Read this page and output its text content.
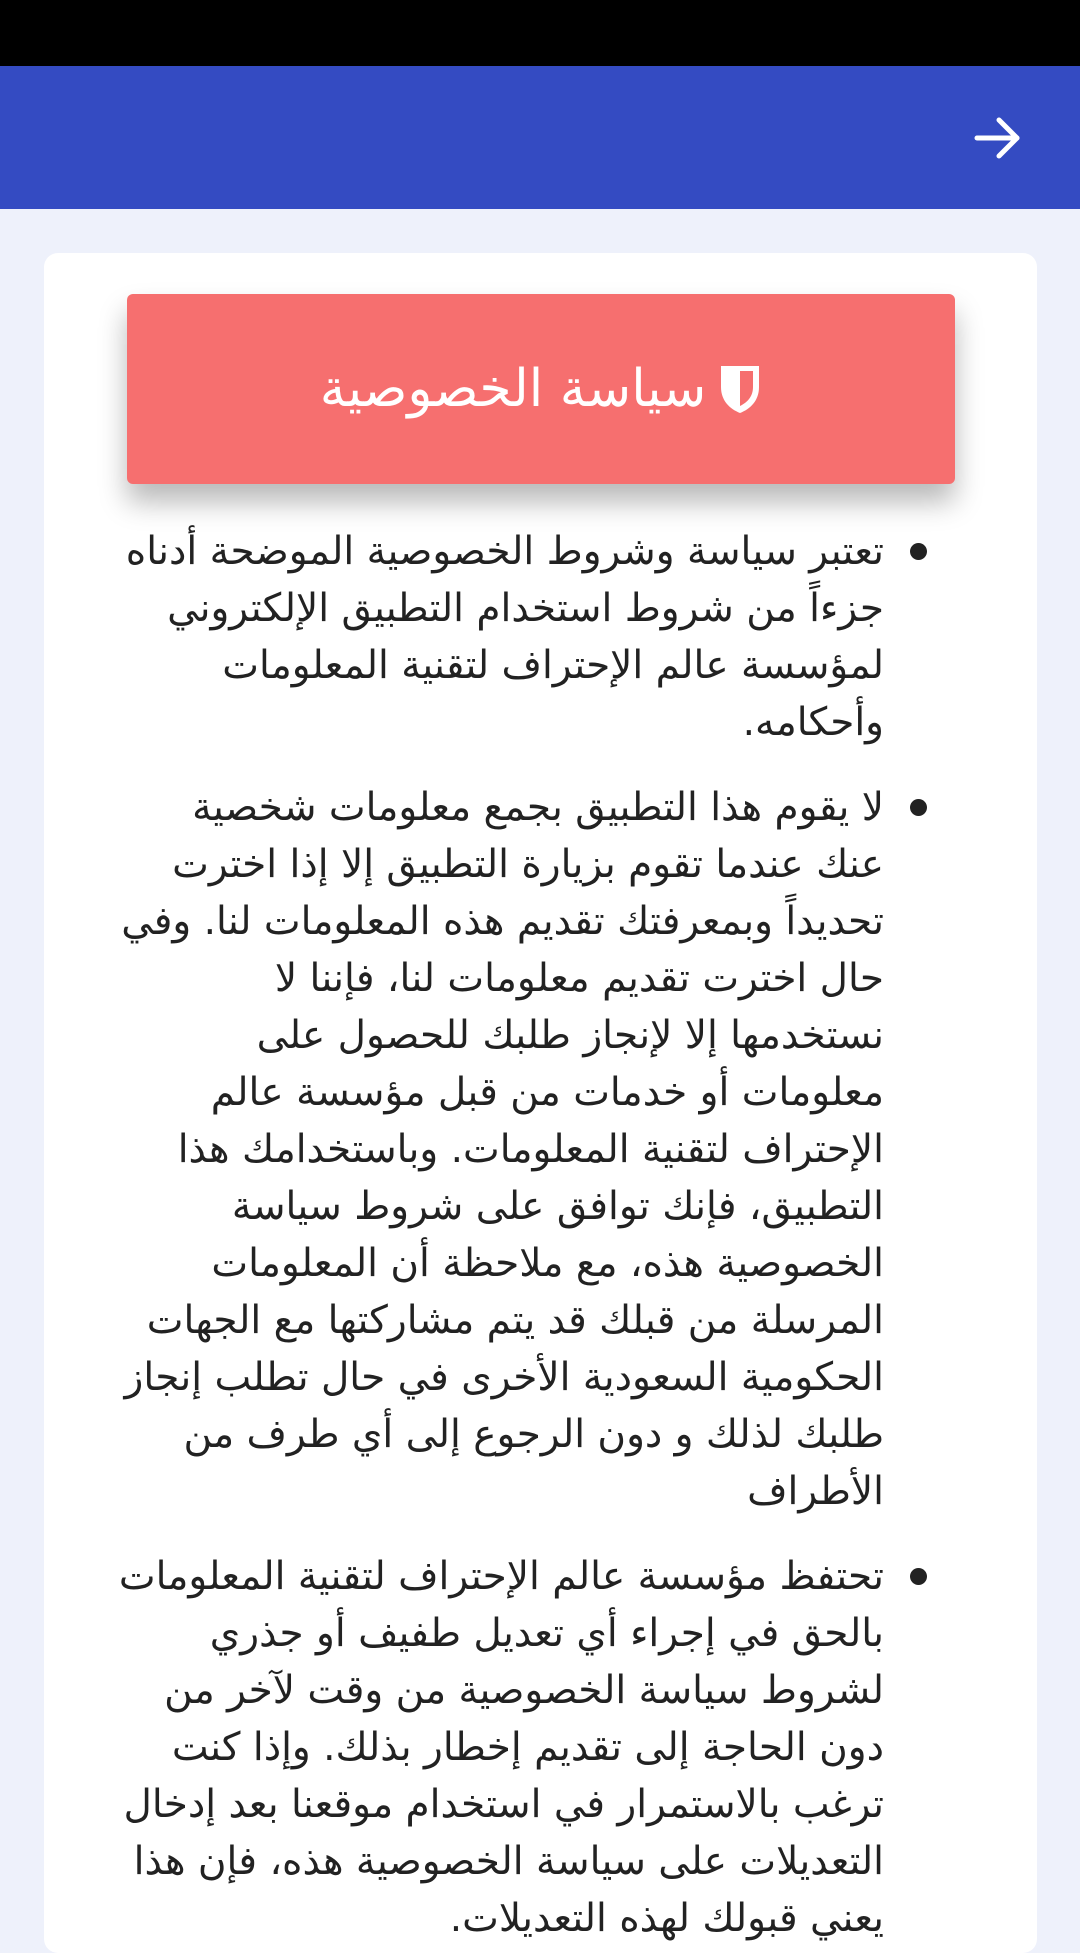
سياسة الخصوصية
تعتبر سياسة وشروط الخصوصية الموضحة أدناه جزءاً من شروط استخدام التطبيق الإلكتروني لمؤسسة عالم الإحتراف لتقنية المعلومات وأحكامه.
لا يقوم هذا التطبيق بجمع معلومات شخصية عنك عندما تقوم بزيارة التطبيق إلا إذا اخترت تحديداً وبمعرفتك تقديم هذه المعلومات لنا. وفي حال اخترت تقديم معلومات لنا، فإننا لا نستخدمها إلا لإنجاز طلبك للحصول على معلومات أو خدمات من قبل مؤسسة عالم الإحتراف لتقنية المعلومات. وباستخدامك هذا التطبيق، فإنك توافق على شروط سياسة الخصوصية هذه، مع ملاحظة أن المعلومات المرسلة من قبلك قد يتم مشاركتها مع الجهات الحكومية السعودية الأخرى في حال تطلب إنجاز طلبك لذلك و دون الرجوع إلى أي طرف من الأطراف
تحتفظ مؤسسة عالم الإحتراف لتقنية المعلومات بالحق في إجراء أي تعديل طفيف أو جذري لشروط سياسة الخصوصية من وقت لآخر من دون الحاجة إلى تقديم إخطار بذلك. وإذا كنت ترغب بالاستمرار في استخدام موقعنا بعد إدخال التعديلات على سياسة الخصوصية هذه، فإن هذا يعني قبولك لهذه التعديلات.
